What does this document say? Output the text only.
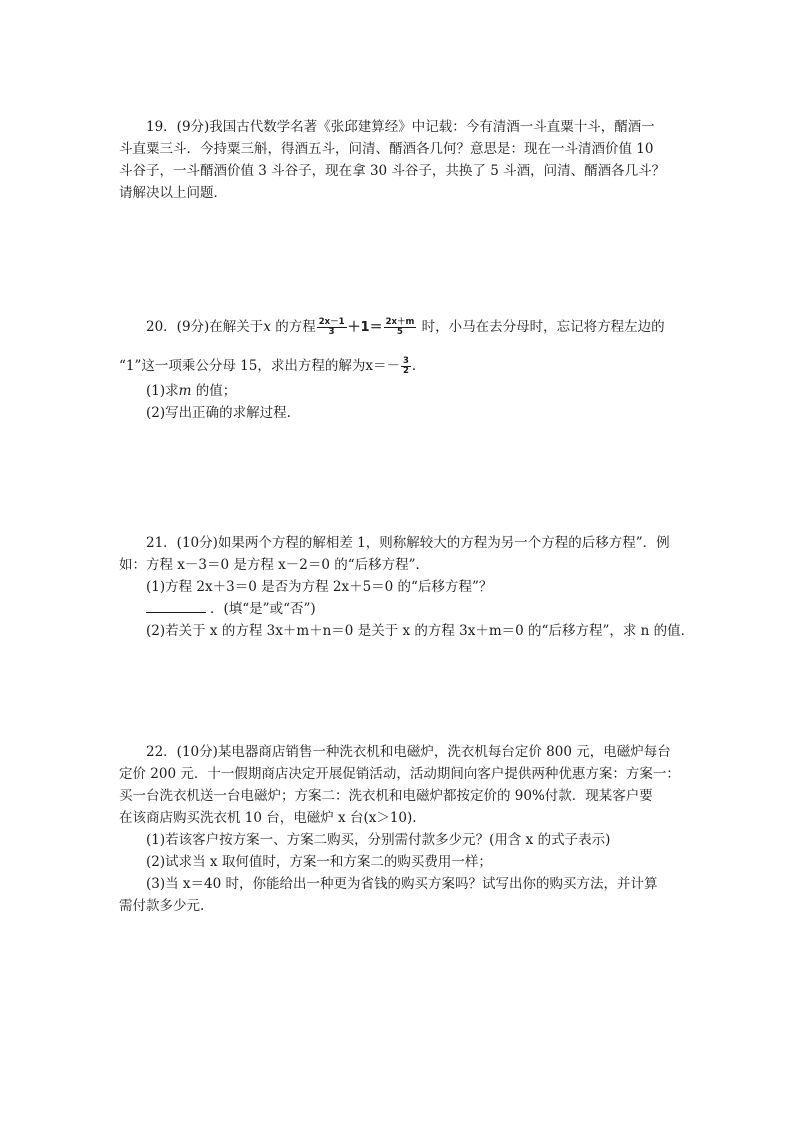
19．(9分)我国古代数学名著《张邱建算经》中记载：今有清酒一斗直粟十斗，醑酒一
斗直粟三斗．今持粟三斛，得酒五斗，问清、醑酒各几何？意思是：现在一斗清酒价值 10
斗谷子，一斗醑酒价值 3 斗谷子，现在拿 30 斗谷子，共换了 5 斗酒，问清、醑酒各几斗？
请解决以上问题．
20．(9分)在解关于x 的方程 $\frac{2x-1}{3} +1= \frac{2x+m}{5}$ 时，小马在去分母时，忘记将方程左边的
“1”这一项乘公分母 15，求出方程的解为$x=- \frac{3}{2}$ ．
(1)求m 的值；
(2)写出正确的求解过程.
21．(10分)如果两个方程的解相差 1，则称解较大的方程为另一个方程的后移方程”．例
如：方程 x－3＝0 是方程 x－2＝0 的“后移方程”．
(1)方程 2x＋3＝0 是否为方程 2x＋5＝0 的“后移方程”？
．(填“是”或“否”)
(2)若关于 x 的方程 3x＋m＋n＝0 是关于 x 的方程 3x＋m＝0 的“后移方程”，求 n 的值．
22．(10分)某电器商店销售一种洗衣机和电磁炉，洗衣机每台定价 800 元，电磁炉每台
定价 200 元．十一假期商店决定开展促销活动，活动期间向客户提供两种优惠方案：方案一：
买一台洗衣机送一台电磁炉；方案二：洗衣机和电磁炉都按定价的 90%付款．现某客户要
在该商店购买洗衣机 10 台，电磁炉 x 台(x＞10).
(1)若该客户按方案一、方案二购买，分别需付款多少元？(用含 x 的式子表示)
(2)试求当 x 取何值时，方案一和方案二的购买费用一样；
(3)当 x＝40 时，你能给出一种更为省钱的购买方案吗？试写出你的购买方法，并计算
需付款多少元.
